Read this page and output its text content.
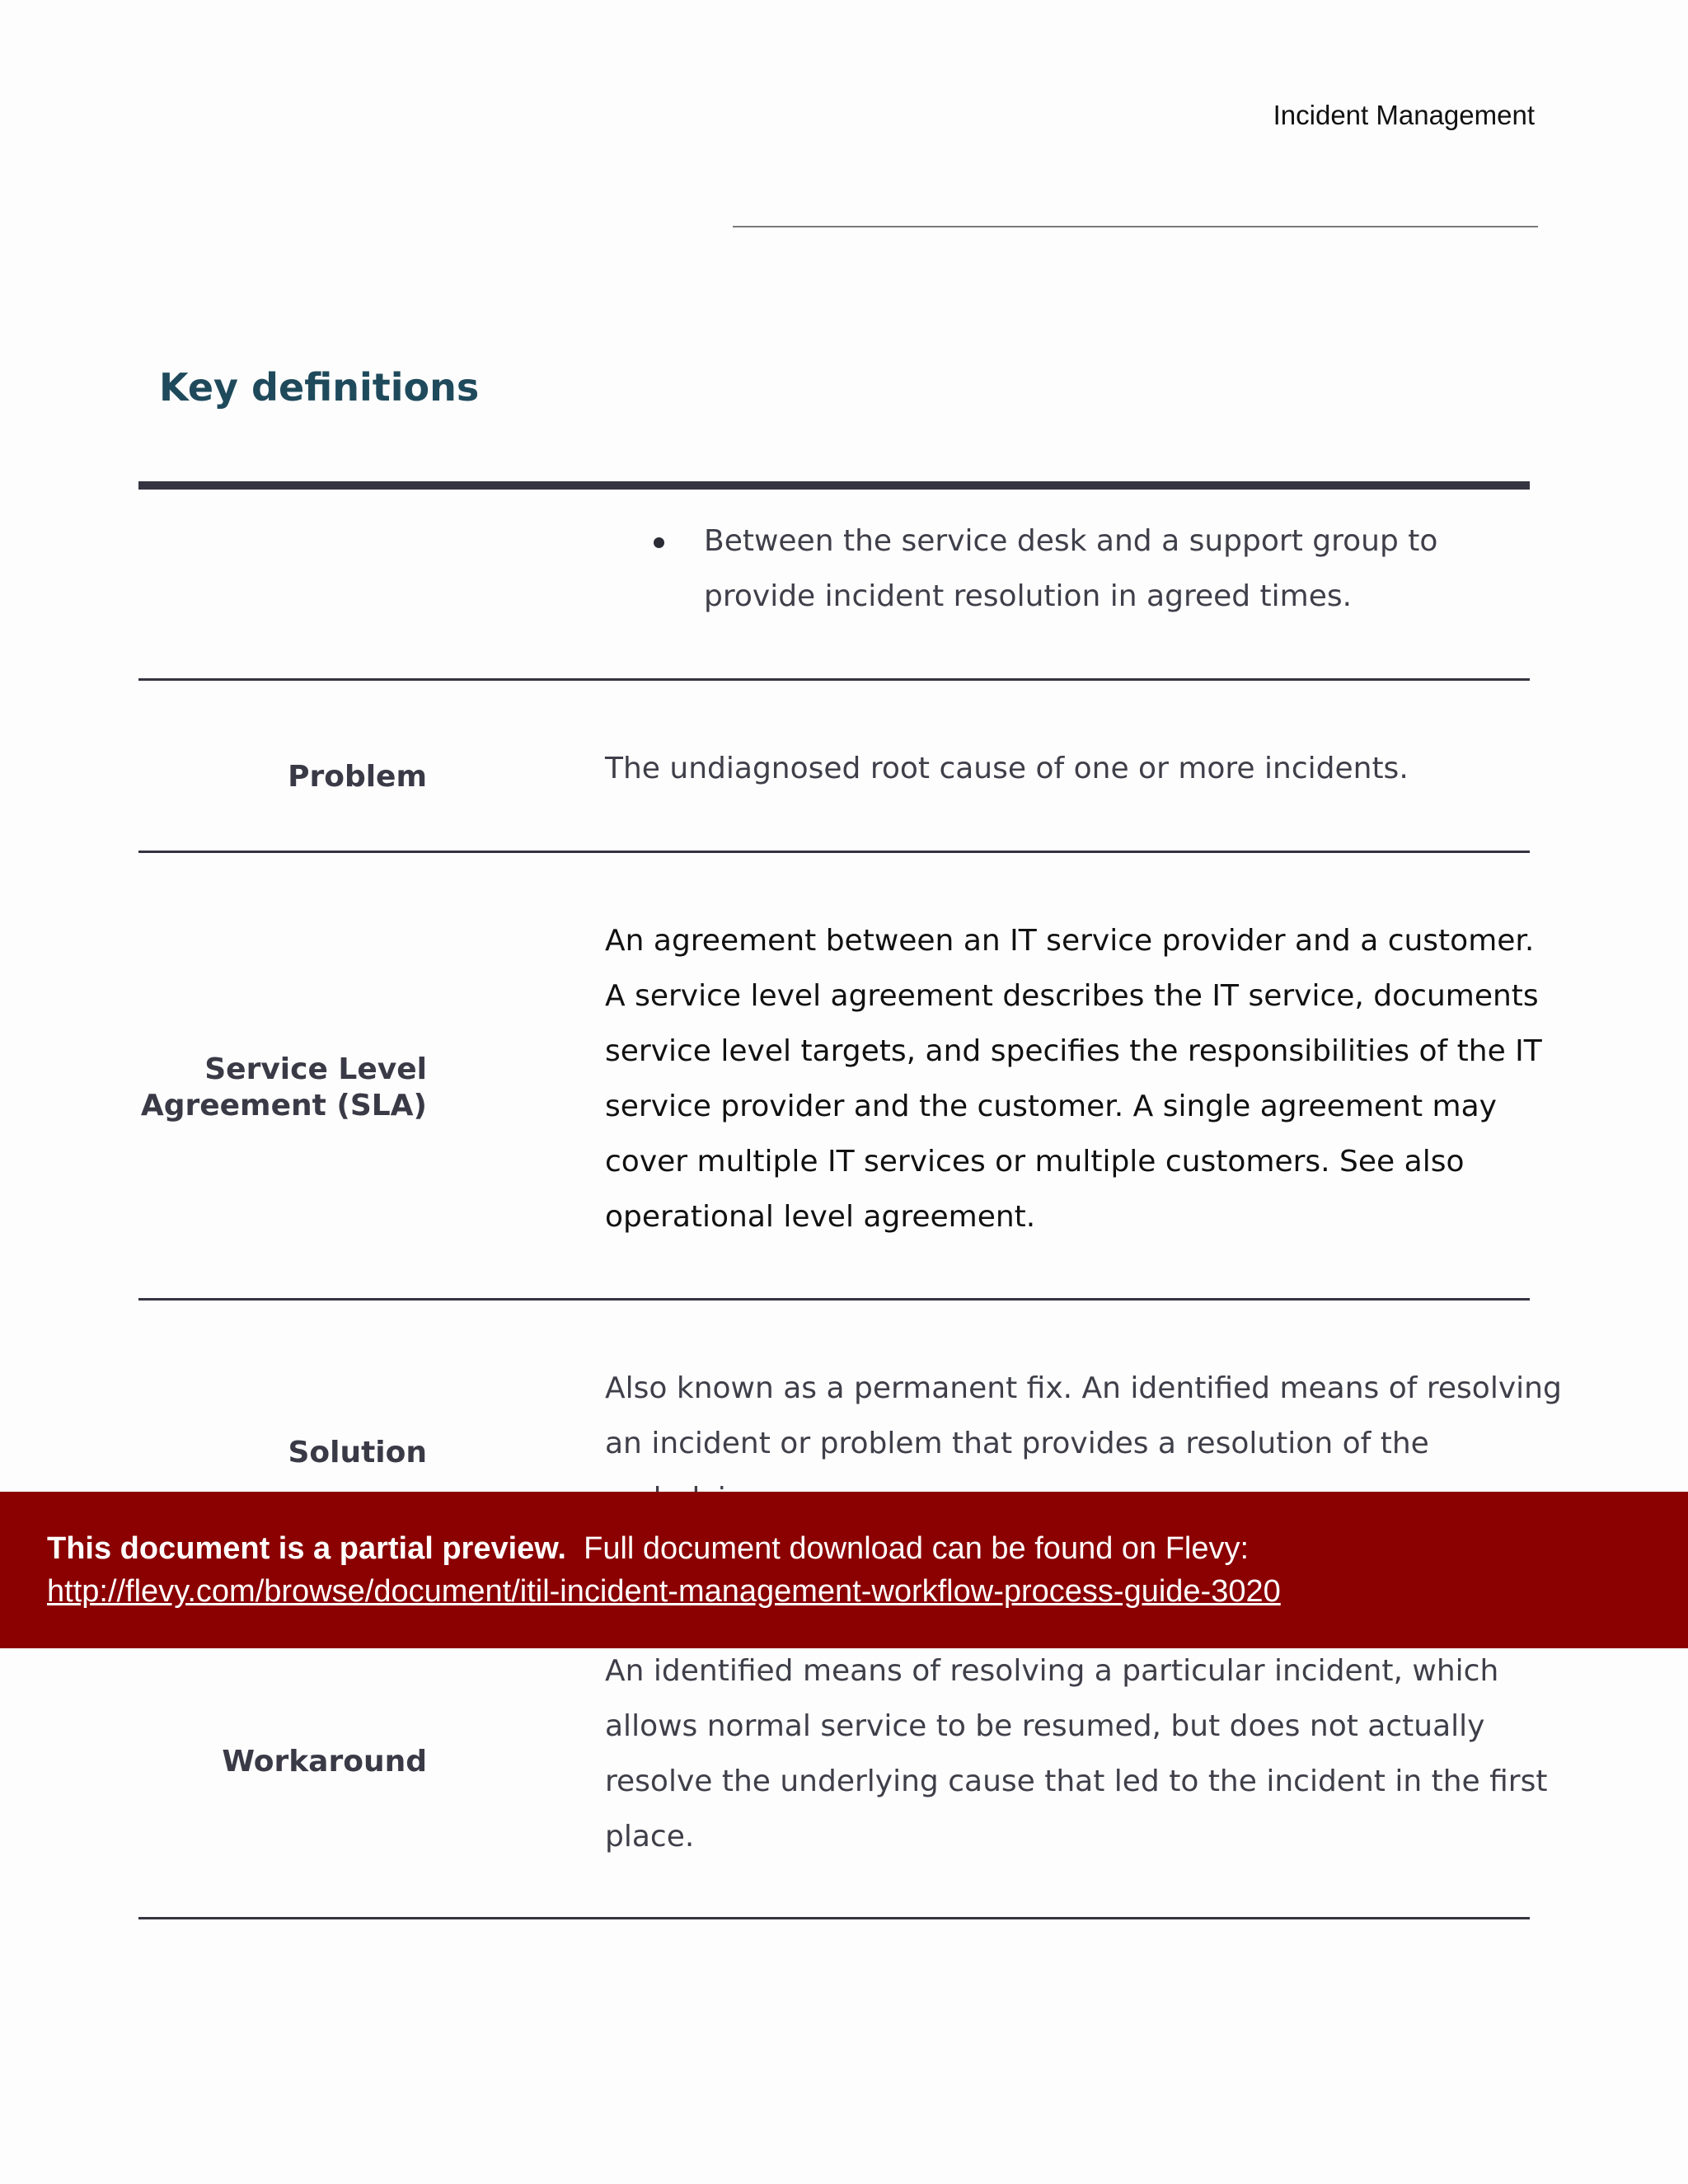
Incident Management
Key definitions
Between the service desk and a support group to
provide incident resolution in agreed times.
Problem	The undiagnosed root cause of one or more incidents.
Service Level
Agreement (SLA)
An agreement between an IT service provider and a customer.
A service level agreement describes the IT service, documents
service level targets, and specifies the responsibilities of the IT
service provider and the customer. A single agreement may
cover multiple IT services or multiple customers. See also
operational level agreement.
Solution
Also known as a permanent fix. An identified means of resolving
an incident or problem that provides a resolution of the
Workaround
An identified means of resolving a particular incident, which
allows normal service to be resumed, but does not actually
resolve the underlying cause that led to the incident in the first
place.
This document is a partial preview. Full document download can be found on Flevy:
http://flevy.com/browse/document/itil-incident-management-workflow-process-guide-3020
